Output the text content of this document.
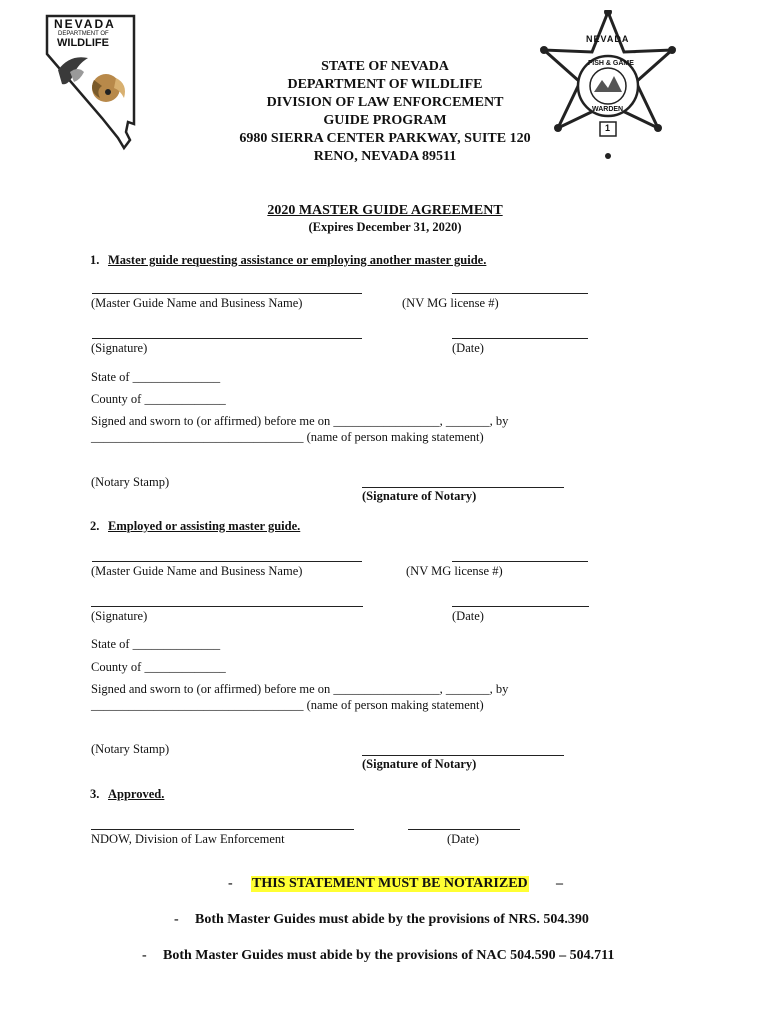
NEVADA
DEPARTMENT OF
WILDLIFE	NEVADA
FISH & GAME
WARDEN
1
STATE OF NEVADA
DEPARTMENT OF WILDLIFE
DIVISION OF LAW ENFORCEMENT
GUIDE PROGRAM
6980 SIERRA CENTER PARKWAY, SUITE 120
RENO, NEVADA 89511
2020 MASTER GUIDE AGREEMENT
(Expires December 31, 2020)
1. Master guide requesting assistance or employing another master guide.
(Master Guide Name and Business Name)	(NV MG license #)
(Signature)	(Date)
State of ______________
County of _____________
Signed and sworn to (or affirmed) before me on _________________, _______, by
__________________________________ (name of person making statement)
(Notary Stamp)
(Signature of Notary)
2. Employed or assisting master guide.
(Master Guide Name and Business Name)	(NV MG license #)
(Signature)	(Date)
State of ______________
County of _____________
Signed and sworn to (or affirmed) before me on _________________, _______, by
__________________________________ (name of person making statement)
(Notary Stamp)
(Signature of Notary)
3. Approved.
NDOW, Division of Law Enforcement	(Date)
- THIS STATEMENT MUST BE NOTARIZED –
- Both Master Guides must abide by the provisions of NRS. 504.390
- Both Master Guides must abide by the provisions of NAC 504.590 – 504.711
